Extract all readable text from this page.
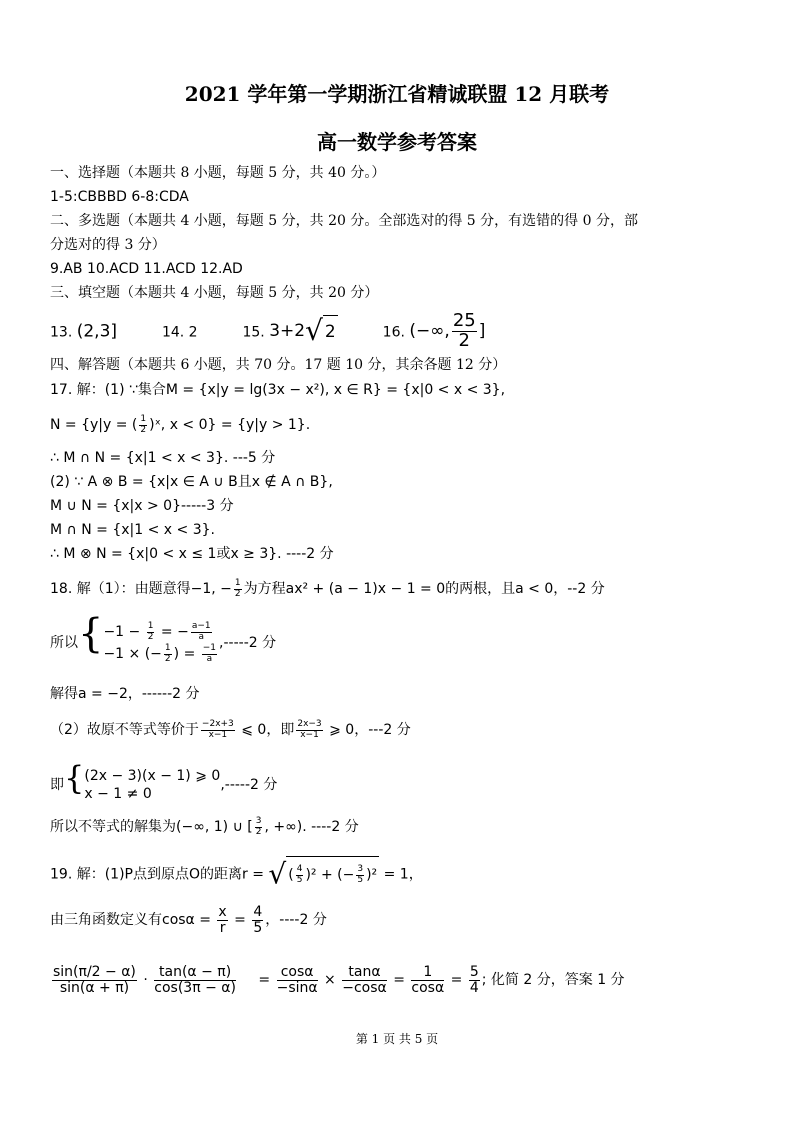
2021 学年第一学期浙江省精诚联盟 12 月联考
高一数学参考答案
一、选择题（本题共 8 小题，每题 5 分，共 40 分。）
1-5:CBBBD 6-8:CDA
二、多选题（本题共 4 小题，每题 5 分，共 20 分。全部选对的得 5 分，有选错的得 0 分，部
分选对的得 3 分）
9.AB 10.ACD 11.ACD 12.AD
三、填空题（本题共 4 小题，每题 5 分，共 20 分）
13. (2,3]	14. 2	15. 3+2√ 2	16. (−∞, $\frac{25}{2}$ ]
四、解答题（本题共 6 小题，共 70 分。17 题 10 分，其余各题 12 分）
17. 解：(1) ∵集合M = {x|y = lg(3x − x²), x ∈ R} = {x|0 < x < 3},
N = {y|y = ( $\frac{1}{2}$ )ˣ, x < 0} = {y|y > 1}.
∴ M ∩ N = {x|1 < x < 3}. ---5 分
(2) ∵ A ⊗ B = {x|x ∈ A ∪ B且x ∉ A ∩ B},
M ∪ N = {x|x > 0}-----3 分
M ∩ N = {x|1 < x < 3}.
∴ M ⊗ N = {x|0 < x ≤ 1或x ≥ 3}. ----2 分
18. 解（1）：由题意得−1, − $\frac{1}{2}$ 为方程ax² + (a − 1)x − 1 = 0的两根，且a < 0，--2 分
所以{ $-1 - \frac{1}{2}$ = − $\frac{a-1}{a}$
−1 × (− $\frac{1}{2}$ ) = $\frac{-1}{a}$
,-----2 分
解得a = −2，------2 分
（2）故原不等式等价于 $\frac{-2x+3}{x-1}$ ⩽ 0，即 $\frac{2x-3}{x-1}$ ⩾ 0，---2 分
即{ (2x − 3)(x − 1) ⩾ 0
x − 1 ≠ 0
,-----2 分
所以不等式的解集为(−∞, 1) ∪ [ $\frac{3}{2}$ , +∞). ----2 分
19. 解：(1)P点到原点O的距离r = √ ( $\frac{4}{5} )^2$ + (− $\frac{3}{5} )^2 = 1$，
由三角函数定义有$\cos\alpha = \frac{x}{r} = \frac{4}{5}$ ，----2 分
$\frac{\sin(\pi/2 - \alpha)}{\sin(\alpha + \pi)} \cdot \frac{\tan(\alpha - \pi)}{\cos(3\pi - \alpha)} = \frac{\cos\alpha}{-\sin\alpha} \times \frac{\tan\alpha}{-\cos\alpha} = \frac{1}{\cos\alpha} = \frac{5}{4}$ ; 化简 2 分，答案 1 分
第 1 页 共 5 页
